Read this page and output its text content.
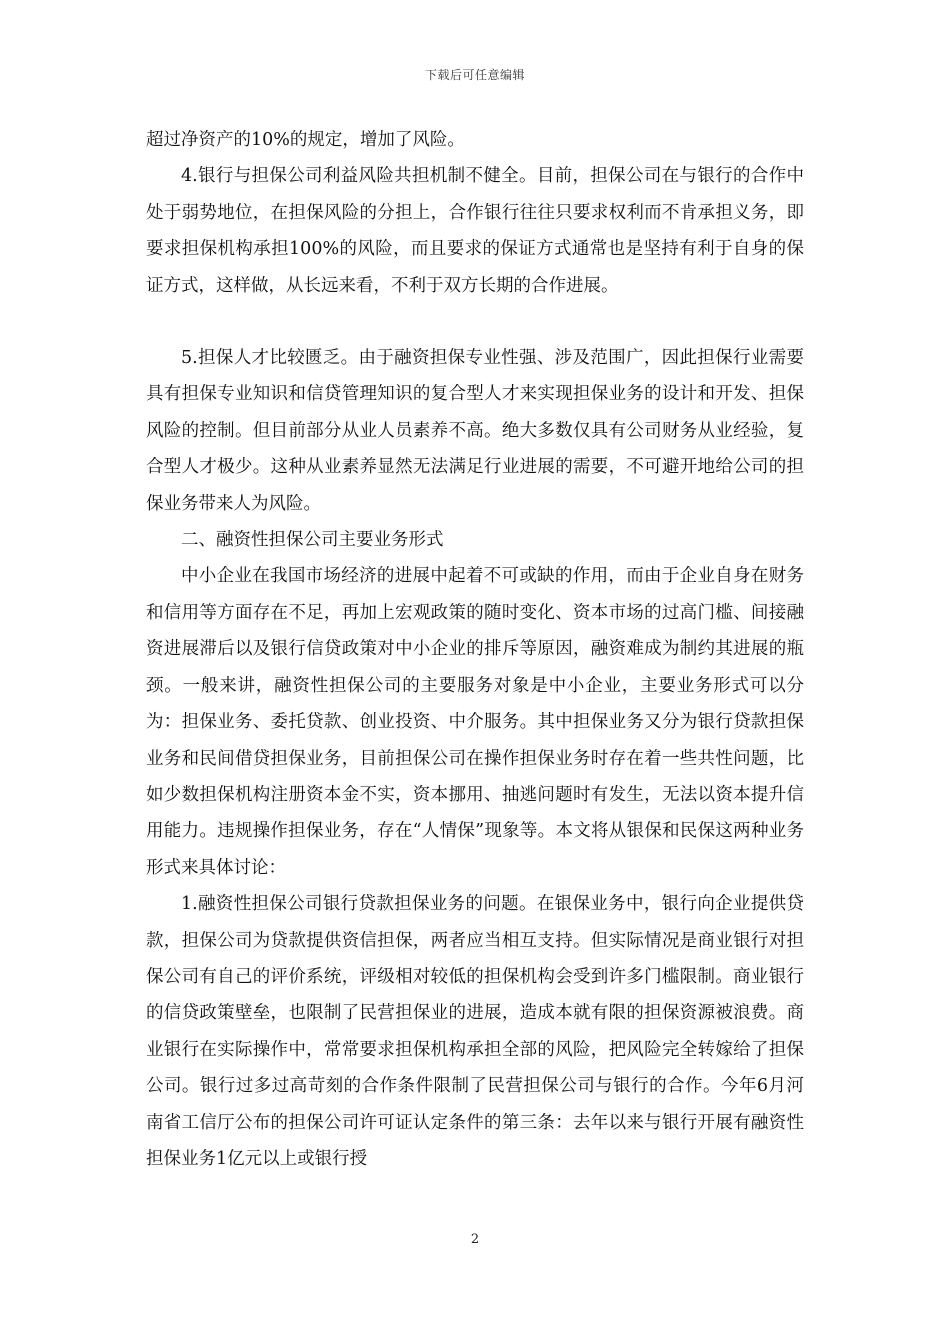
下载后可任意编辑

超过净资产的10%的规定，增加了风险。

4.银行与担保公司利益风险共担机制不健全。目前，担保公司在与银行的合作中处于弱势地位，在担保风险的分担上，合作银行往往只要求权利而不肯承担义务，即要求担保机构承担100%的风险，而且要求的保证方式通常也是坚持有利于自身的保证方式，这样做，从长远来看，不利于双方长期的合作进展。

5.担保人才比较匮乏。由于融资担保专业性强、涉及范围广，因此担保行业需要具有担保专业知识和信贷管理知识的复合型人才来实现担保业务的设计和开发、担保风险的控制。但目前部分从业人员素养不高。绝大多数仅具有公司财务从业经验，复合型人才极少。这种从业素养显然无法满足行业进展的需要，不可避开地给公司的担保业务带来人为风险。

二、融资性担保公司主要业务形式

中小企业在我国市场经济的进展中起着不可或缺的作用，而由于企业自身在财务和信用等方面存在不足，再加上宏观政策的随时变化、资本市场的过高门槛、间接融资进展滞后以及银行信贷政策对中小企业的排斥等原因，融资难成为制约其进展的瓶颈。一般来讲，融资性担保公司的主要服务对象是中小企业，主要业务形式可以分为：担保业务、委托贷款、创业投资、中介服务。其中担保业务又分为银行贷款担保业务和民间借贷担保业务，目前担保公司在操作担保业务时存在着一些共性问题，比如少数担保机构注册资本金不实，资本挪用、抽逃问题时有发生，无法以资本提升信用能力。违规操作担保业务，存在“人情保”现象等。本文将从银保和民保这两种业务形式来具体讨论：

1.融资性担保公司银行贷款担保业务的问题。在银保业务中，银行向企业提供贷款，担保公司为贷款提供资信担保，两者应当相互支持。但实际情况是商业银行对担保公司有自己的评价系统，评级相对较低的担保机构会受到许多门槛限制。商业银行的信贷政策壁垒，也限制了民营担保业的进展，造成本就有限的担保资源被浪费。商业银行在实际操作中，常常要求担保机构承担全部的风险，把风险完全转嫁给了担保公司。银行过多过高苛刻的合作条件限制了民营担保公司与银行的合作。今年6月河南省工信厅公布的担保公司许可证认定条件的第三条：去年以来与银行开展有融资性担保业务1亿元以上或银行授

2
